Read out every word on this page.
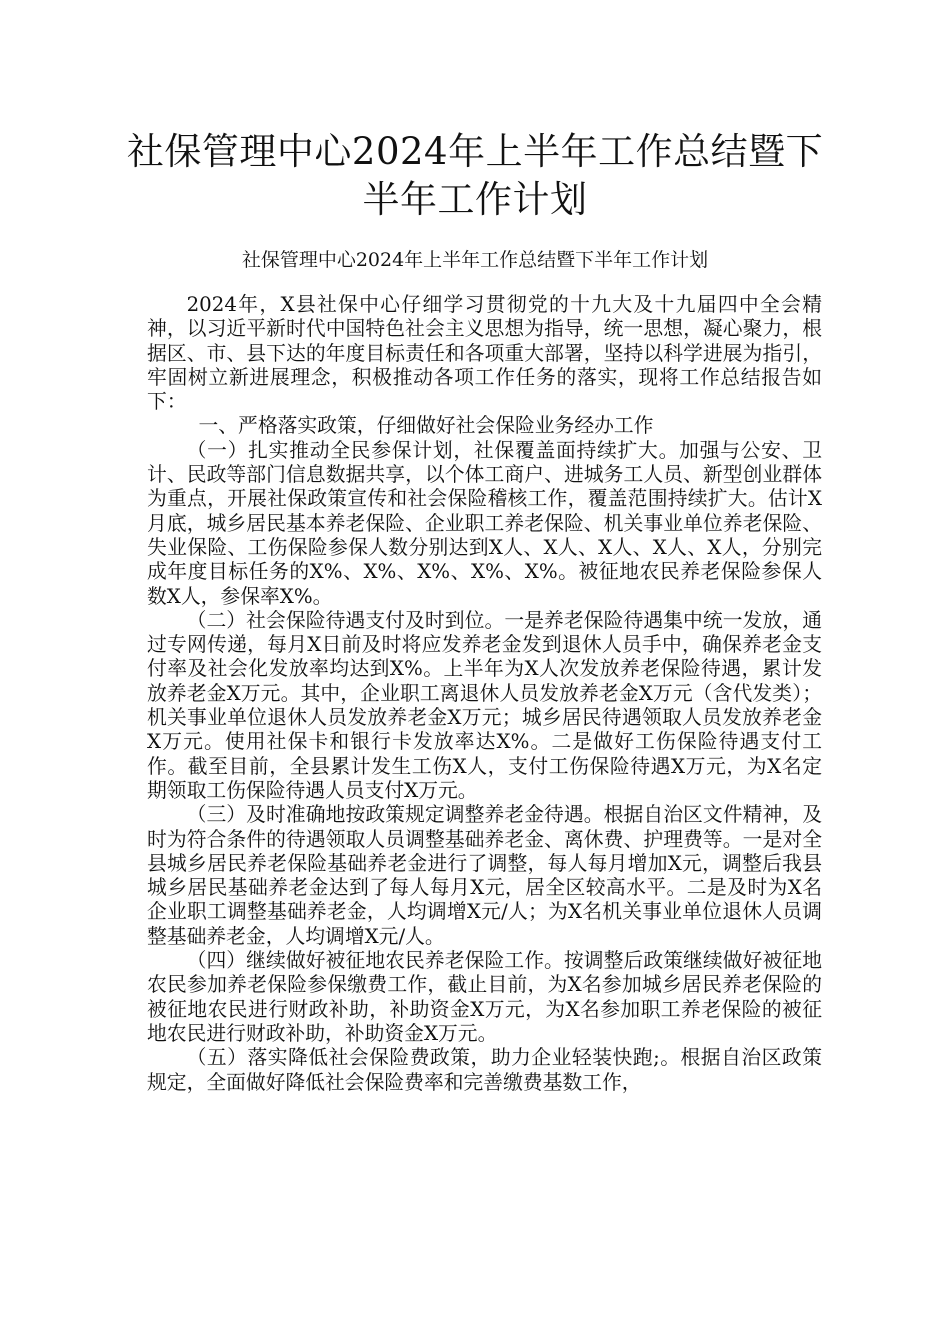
社保管理中心2024年上半年工作总结暨下半年工作计划

社保管理中心2024年上半年工作总结暨下半年工作计划

2024年，X县社保中心仔细学习贯彻党的十九大及十九届四中全会精神，以习近平新时代中国特色社会主义思想为指导，统一思想，凝心聚力，根据区、市、县下达的年度目标责任和各项重大部署，坚持以科学进展为指引，牢固树立新进展理念，积极推动各项工作任务的落实，现将工作总结报告如下：

一、严格落实政策，仔细做好社会保险业务经办工作

（一）扎实推动全民参保计划，社保覆盖面持续扩大。加强与公安、卫计、民政等部门信息数据共享，以个体工商户、进城务工人员、新型创业群体为重点，开展社保政策宣传和社会保险稽核工作，覆盖范围持续扩大。估计X月底，城乡居民基本养老保险、企业职工养老保险、机关事业单位养老保险、失业保险、工伤保险参保人数分别达到X人、X人、X人、X人、X人，分别完成年度目标任务的X%、X%、X%、X%、X%。被征地农民养老保险参保人数X人，参保率X%。

（二）社会保险待遇支付及时到位。一是养老保险待遇集中统一发放，通过专网传递，每月X日前及时将应发养老金发到退休人员手中，确保养老金支付率及社会化发放率均达到X%。上半年为X人次发放养老保险待遇，累计发放养老金X万元。其中，企业职工离退休人员发放养老金X万元（含代发类）；机关事业单位退休人员发放养老金X万元；城乡居民待遇领取人员发放养老金X万元。使用社保卡和银行卡发放率达X%。二是做好工伤保险待遇支付工作。截至目前，全县累计发生工伤X人，支付工伤保险待遇X万元，为X名定期领取工伤保险待遇人员支付X万元。

（三）及时准确地按政策规定调整养老金待遇。根据自治区文件精神，及时为符合条件的待遇领取人员调整基础养老金、离休费、护理费等。一是对全县城乡居民养老保险基础养老金进行了调整，每人每月增加X元，调整后我县城乡居民基础养老金达到了每人每月X元，居全区较高水平。二是及时为X名企业职工调整基础养老金，人均调增X元/人；为X名机关事业单位退休人员调整基础养老金，人均调增X元/人。

（四）继续做好被征地农民养老保险工作。按调整后政策继续做好被征地农民参加养老保险参保缴费工作，截止目前，为X名参加城乡居民养老保险的被征地农民进行财政补助，补助资金X万元，为X名参加职工养老保险的被征地农民进行财政补助，补助资金X万元。

（五）落实降低社会保险费政策，助力企业轻装快跑;。根据自治区政策规定，全面做好降低社会保险费率和完善缴费基数工作，
